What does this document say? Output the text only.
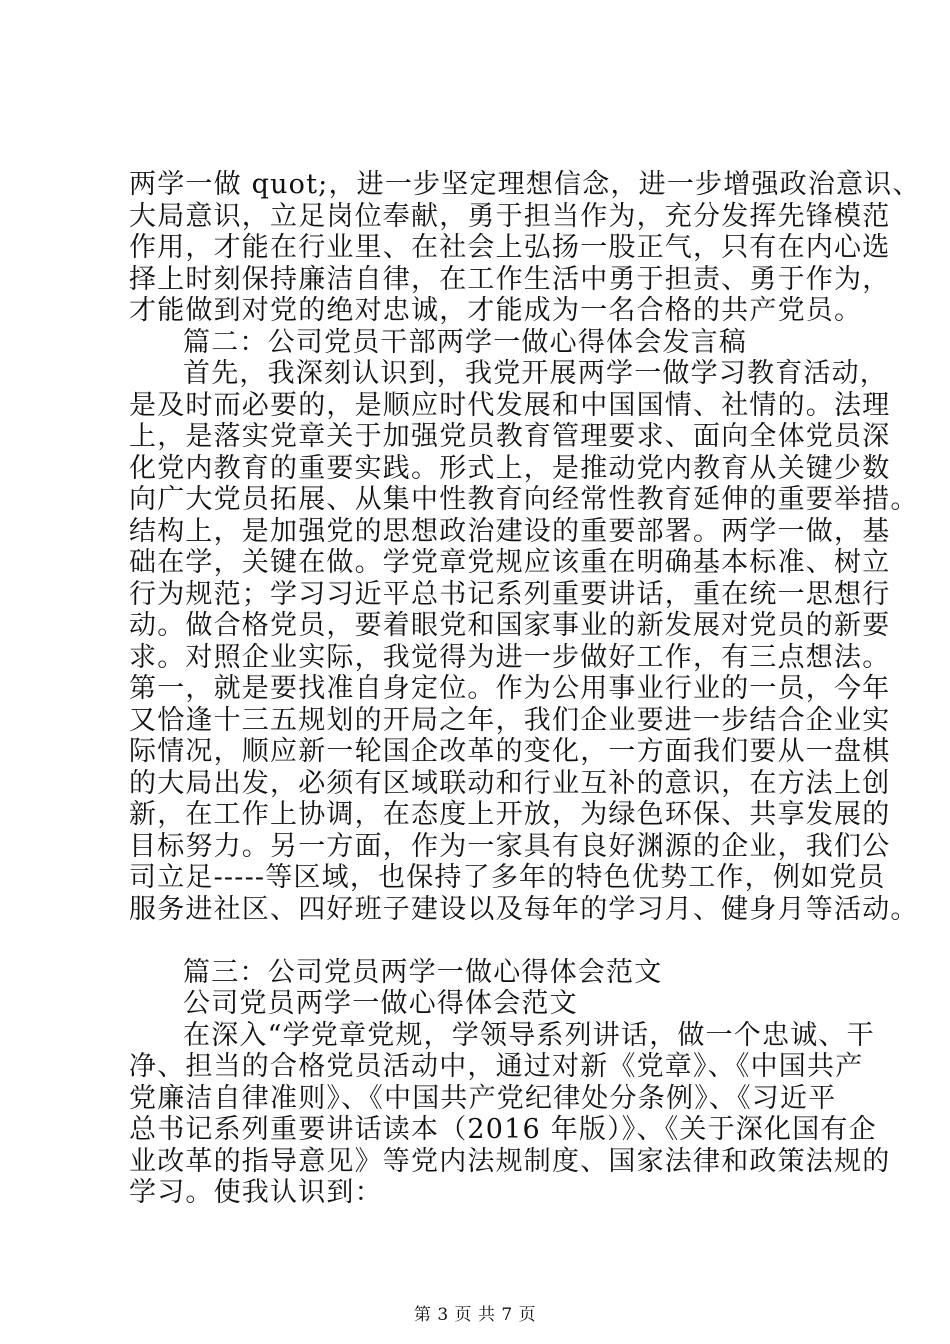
两学一做 quot;，进一步坚定理想信念，进一步增强政治意识、
大局意识，立足岗位奉献，勇于担当作为，充分发挥先锋模范
作用，才能在行业里、在社会上弘扬一股正气，只有在内心选
择上时刻保持廉洁自律，在工作生活中勇于担责、勇于作为，
才能做到对党的绝对忠诚，才能成为一名合格的共产党员。
篇二：公司党员干部两学一做心得体会发言稿
首先，我深刻认识到，我党开展两学一做学习教育活动，
是及时而必要的，是顺应时代发展和中国国情、社情的。法理
上，是落实党章关于加强党员教育管理要求、面向全体党员深
化党内教育的重要实践。形式上，是推动党内教育从关键少数
向广大党员拓展、从集中性教育向经常性教育延伸的重要举措。
结构上，是加强党的思想政治建设的重要部署。两学一做，基
础在学，关键在做。学党章党规应该重在明确基本标准、树立
行为规范；学习习近平总书记系列重要讲话，重在统一思想行
动。做合格党员，要着眼党和国家事业的新发展对党员的新要
求。对照企业实际，我觉得为进一步做好工作，有三点想法。
第一，就是要找准自身定位。作为公用事业行业的一员，今年
又恰逢十三五规划的开局之年，我们企业要进一步结合企业实
际情况，顺应新一轮国企改革的变化，一方面我们要从一盘棋
的大局出发，必须有区域联动和行业互补的意识，在方法上创
新，在工作上协调，在态度上开放，为绿色环保、共享发展的
目标努力。另一方面，作为一家具有良好渊源的企业，我们公
司立足-----等区域，也保持了多年的特色优势工作，例如党员
服务进社区、四好班子建设以及每年的学习月、健身月等活动。
篇三：公司党员两学一做心得体会范文
公司党员两学一做心得体会范文
在深入“学党章党规，学领导系列讲话，做一个忠诚、干
净、担当的合格党员活动中，通过对新《党章》、《中国共产
党廉洁自律准则》、《中国共产党纪律处分条例》、《习近平
总书记系列重要讲话读本（2016 年版）》、《关于深化国有企
业改革的指导意见》等党内法规制度、国家法律和政策法规的
学习。使我认识到：
第 3 页 共 7 页
